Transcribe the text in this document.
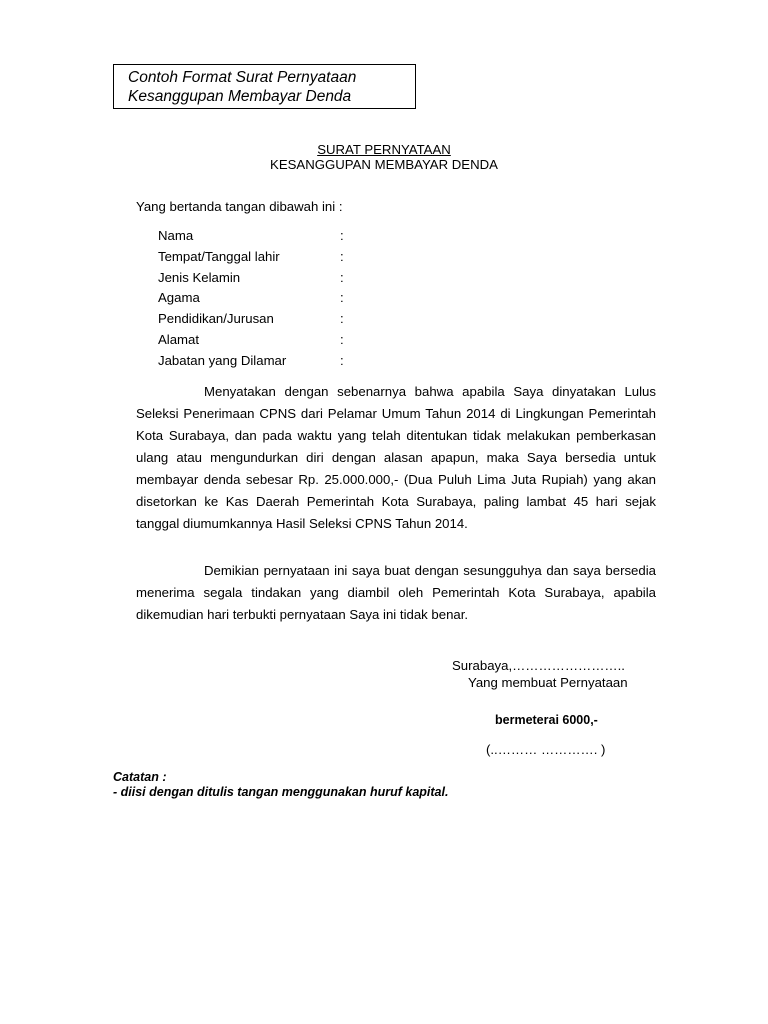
Contoh Format Surat Pernyataan
Kesanggupan Membayar Denda
SURAT PERNYATAAN
KESANGGUPAN MEMBAYAR DENDA
Yang bertanda tangan dibawah ini :
Nama	:
Tempat/Tanggal lahir	:
Jenis Kelamin	:
Agama	:
Pendidikan/Jurusan	:
Alamat	:
Jabatan yang Dilamar	:

Menyatakan dengan sebenarnya bahwa apabila Saya dinyatakan Lulus Seleksi Penerimaan CPNS dari Pelamar Umum Tahun 2014 di Lingkungan Pemerintah Kota Surabaya, dan pada waktu yang telah ditentukan tidak melakukan pemberkasan ulang atau mengundurkan diri dengan alasan apapun, maka Saya bersedia untuk membayar denda sebesar Rp. 25.000.000,- (Dua Puluh Lima Juta Rupiah) yang akan disetorkan ke Kas Daerah Pemerintah Kota Surabaya, paling lambat 45 hari sejak tanggal diumumkannya Hasil Seleksi CPNS Tahun 2014.

Demikian pernyataan ini saya buat dengan sesungguhya dan saya bersedia menerima segala tindakan yang diambil oleh Pemerintah Kota Surabaya, apabila dikemudian hari terbukti pernyataan Saya ini tidak benar.

Surabaya,……………………..
Yang membuat Pernyataan
bermeterai 6000,-
(..……… …………. )
Catatan :
- diisi dengan ditulis tangan menggunakan huruf kapital.
